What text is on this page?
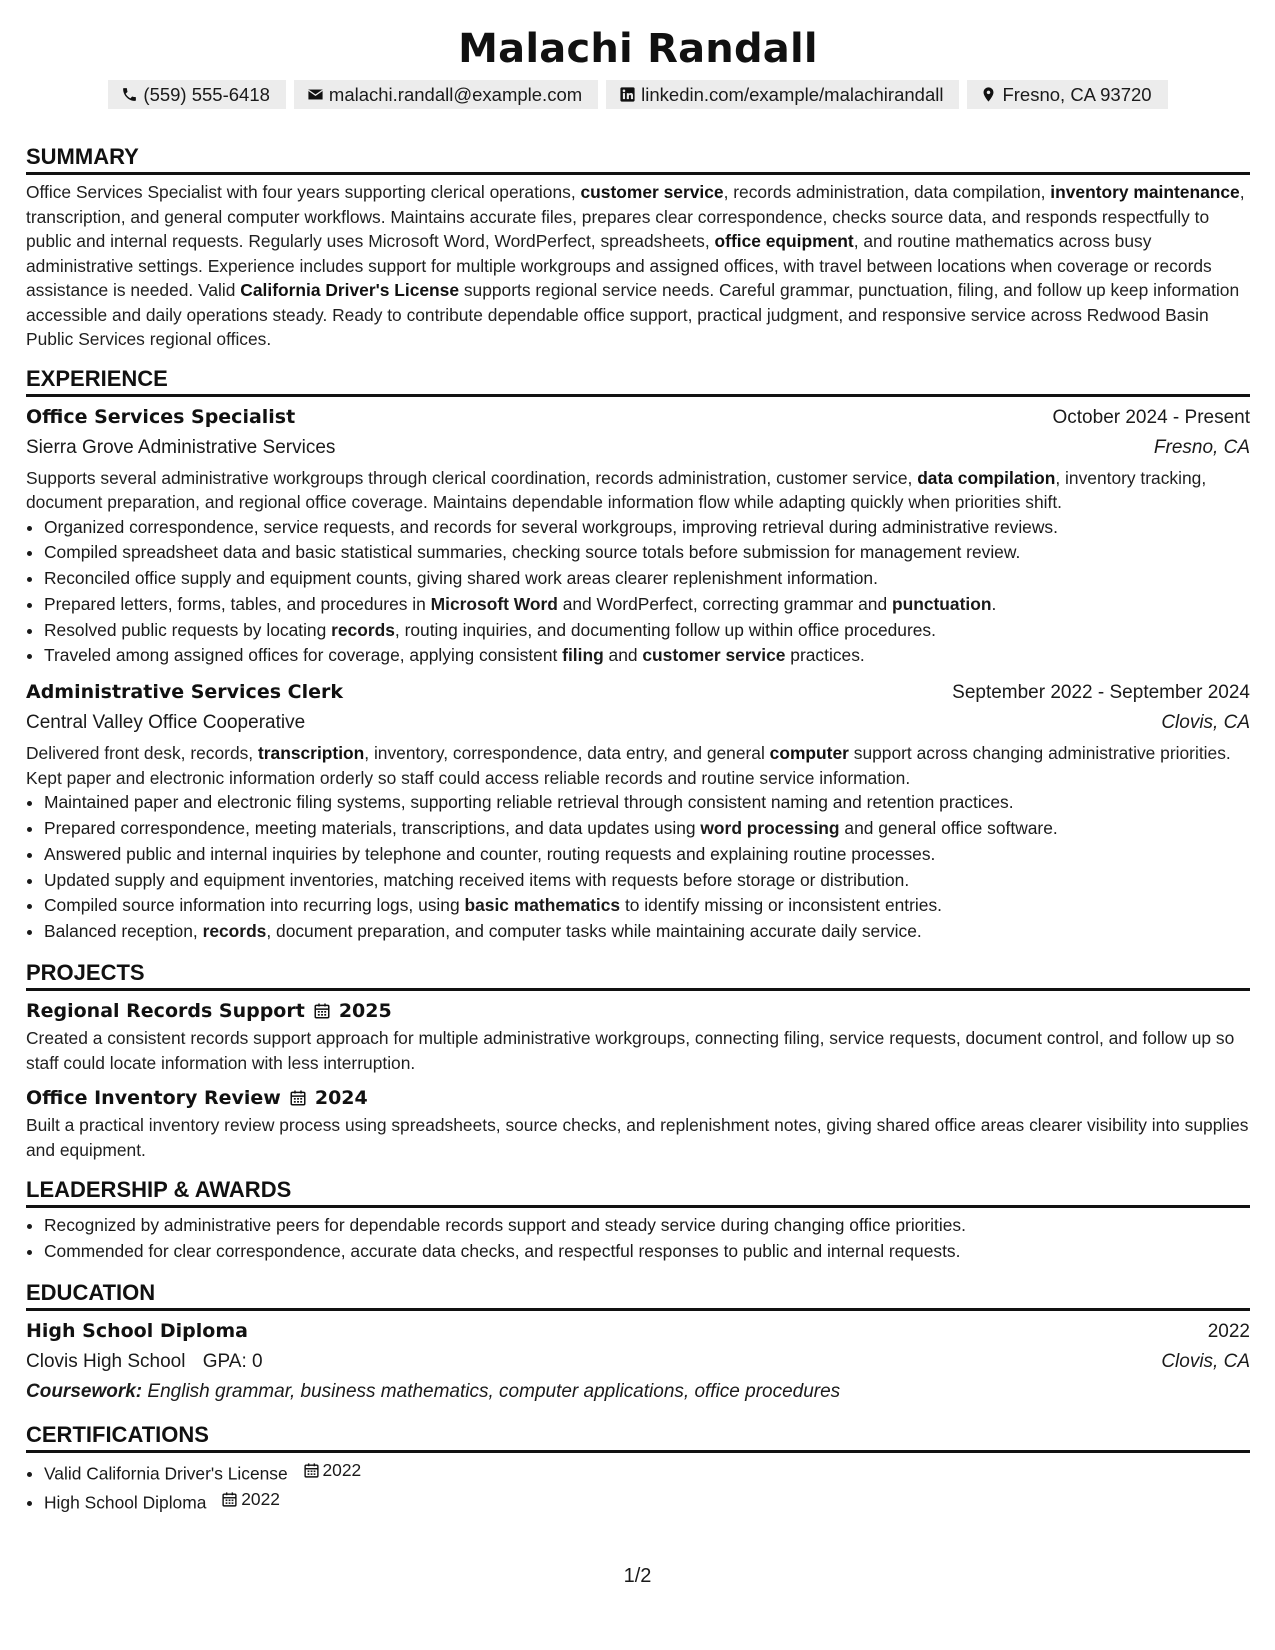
Malachi Randall
(559) 555-6418	malachi.randall@example.com	linkedin.com/example/malachirandall	Fresno, CA 93720
SUMMARY
Office Services Specialist with four years supporting clerical operations, customer service, records administration, data compilation, inventory maintenance, transcription, and general computer workflows. Maintains accurate files, prepares clear correspondence, checks source data, and responds respectfully to public and internal requests. Regularly uses Microsoft Word, WordPerfect, spreadsheets, office equipment, and routine mathematics across busy administrative settings. Experience includes support for multiple workgroups and assigned offices, with travel between locations when coverage or records assistance is needed. Valid California Driver's License supports regional service needs. Careful grammar, punctuation, filing, and follow up keep information accessible and daily operations steady. Ready to contribute dependable office support, practical judgment, and responsive service across Redwood Basin Public Services regional offices.
EXPERIENCE
Office Services Specialist	October 2024 - Present
Sierra Grove Administrative Services	Fresno, CA
Supports several administrative workgroups through clerical coordination, records administration, customer service, data compilation, inventory tracking, document preparation, and regional office coverage. Maintains dependable information flow while adapting quickly when priorities shift.
• Organized correspondence, service requests, and records for several workgroups, improving retrieval during administrative reviews.
• Compiled spreadsheet data and basic statistical summaries, checking source totals before submission for management review.
• Reconciled office supply and equipment counts, giving shared work areas clearer replenishment information.
• Prepared letters, forms, tables, and procedures in Microsoft Word and WordPerfect, correcting grammar and punctuation.
• Resolved public requests by locating records, routing inquiries, and documenting follow up within office procedures.
• Traveled among assigned offices for coverage, applying consistent filing and customer service practices.
Administrative Services Clerk	September 2022 - September 2024
Central Valley Office Cooperative	Clovis, CA
Delivered front desk, records, transcription, inventory, correspondence, data entry, and general computer support across changing administrative priorities. Kept paper and electronic information orderly so staff could access reliable records and routine service information.
• Maintained paper and electronic filing systems, supporting reliable retrieval through consistent naming and retention practices.
• Prepared correspondence, meeting materials, transcriptions, and data updates using word processing and general office software.
• Answered public and internal inquiries by telephone and counter, routing requests and explaining routine processes.
• Updated supply and equipment inventories, matching received items with requests before storage or distribution.
• Compiled source information into recurring logs, using basic mathematics to identify missing or inconsistent entries.
• Balanced reception, records, document preparation, and computer tasks while maintaining accurate daily service.
PROJECTS
Regional Records Support 2025
Created a consistent records support approach for multiple administrative workgroups, connecting filing, service requests, document control, and follow up so staff could locate information with less interruption.
Office Inventory Review 2024
Built a practical inventory review process using spreadsheets, source checks, and replenishment notes, giving shared office areas clearer visibility into supplies and equipment.
LEADERSHIP & AWARDS
• Recognized by administrative peers for dependable records support and steady service during changing office priorities.
• Commended for clear correspondence, accurate data checks, and respectful responses to public and internal requests.
EDUCATION
High School Diploma	2022
Clovis High School GPA: 0	Clovis, CA
Coursework: English grammar, business mathematics, computer applications, office procedures
CERTIFICATIONS
• Valid California Driver's License 2022
• High School Diploma 2022
1/2
